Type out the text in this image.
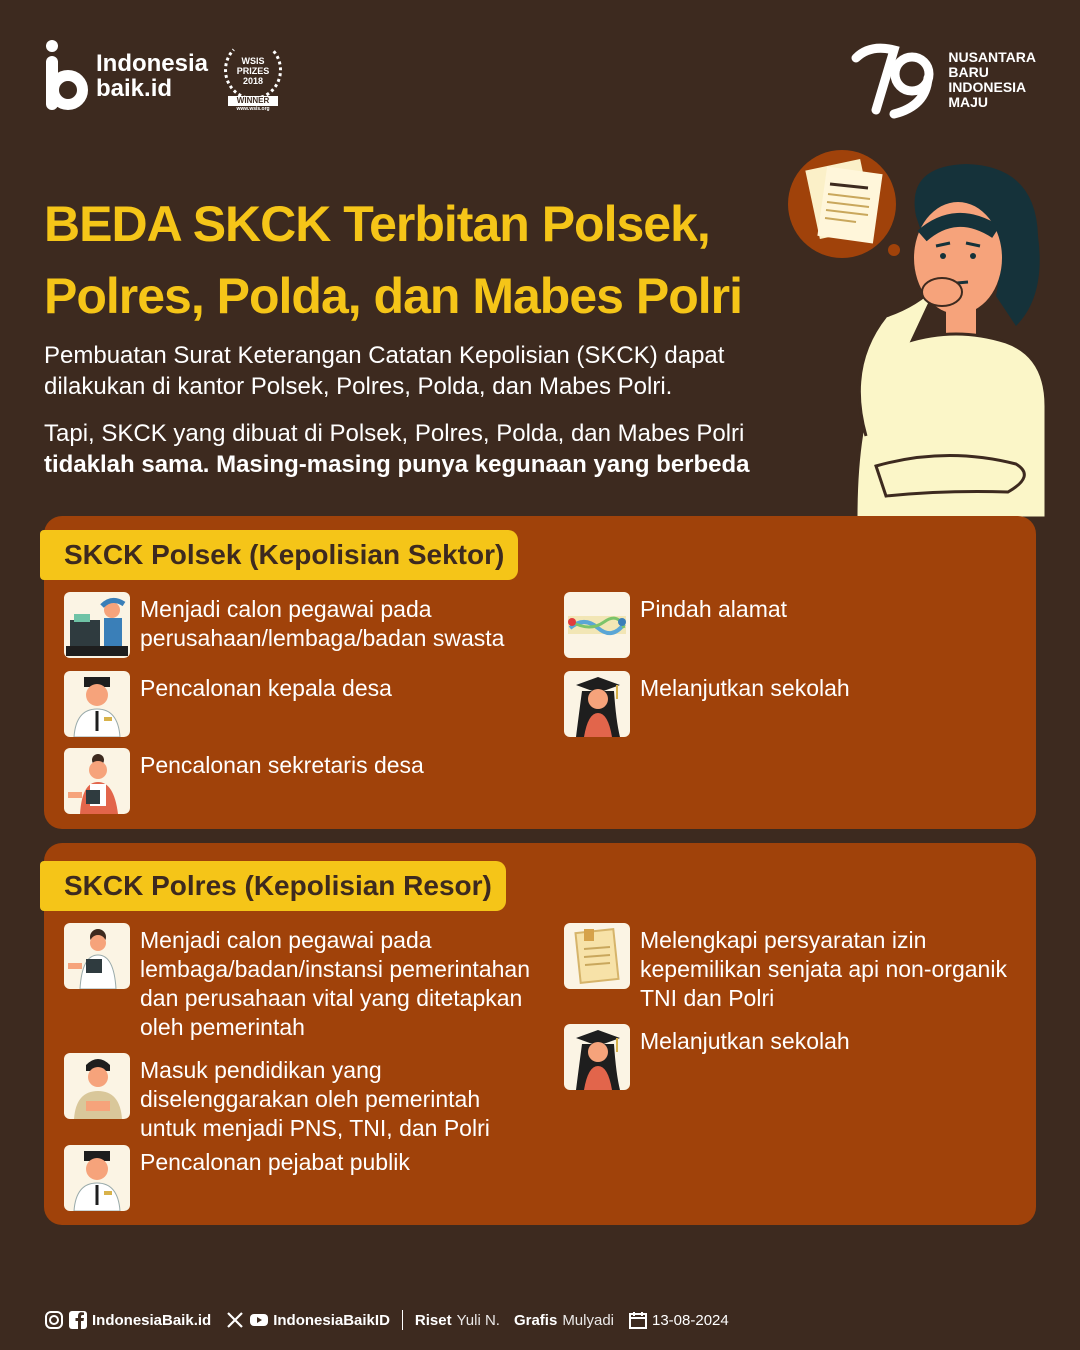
Indonesia
baik.id
WSIS
PRIZES
2018
WINNER
www.wsis.org
NUSANTARA
BARU
INDONESIA
MAJU
BEDA SKCK Terbitan Polsek,
Polres, Polda, dan Mabes Polri

Pembuatan Surat Keterangan Catatan Kepolisian (SKCK) dapat dilakukan di kantor Polsek, Polres, Polda, dan Mabes Polri.

Tapi, SKCK yang dibuat di Polsek, Polres, Polda, dan Mabes Polri tidaklah sama. Masing-masing punya kegunaan yang berbeda

SKCK Polsek (Kepolisian Sektor)
Menjadi calon pegawai pada perusahaan/lembaga/badan swasta
Pencalonan kepala desa
Pencalonan sekretaris desa
Pindah alamat
Melanjutkan sekolah
SKCK Polres (Kepolisian Resor)
Menjadi calon pegawai pada lembaga/badan/instansi pemerintahan dan perusahaan vital yang ditetapkan oleh pemerintah
Masuk pendidikan yang diselenggarakan oleh pemerintah untuk menjadi PNS, TNI, dan Polri
Pencalonan pejabat publik
Melengkapi persyaratan izin kepemilikan senjata api non-organik TNI dan Polri
Melanjutkan sekolah
IndonesiaBaik.id	IndonesiaBaikID Riset Yuli N. Grafis Mulyadi	13-08-2024
